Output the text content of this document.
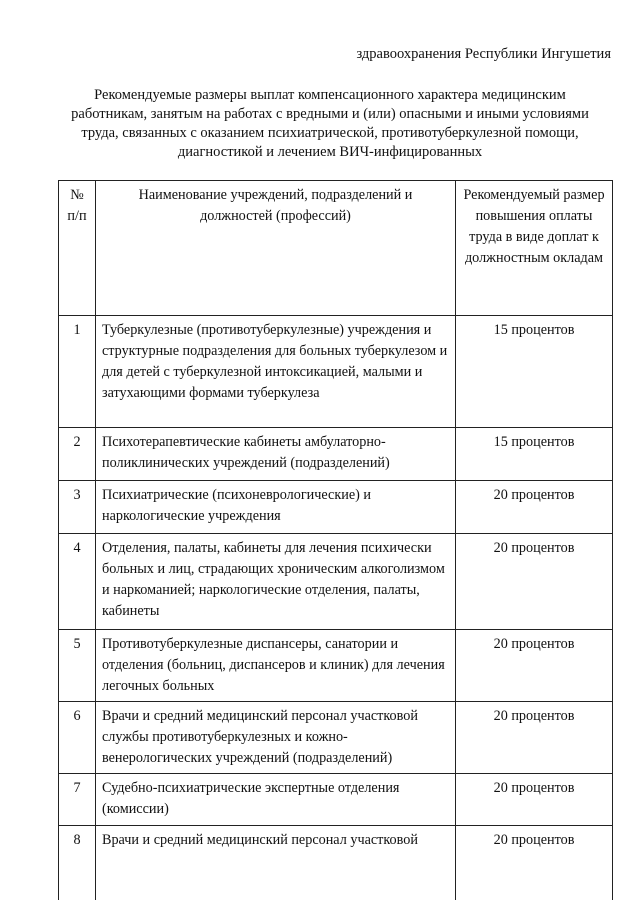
здравоохранения Республики Ингушетия
Рекомендуемые размеры выплат компенсационного характера медицинским работникам, занятым на работах с вредными и (или) опасными и иными условиями труда, связанных с оказанием психиатрической, противотуберкулезной помощи, диагностикой и лечением ВИЧ-инфицированных
№ п/п	Наименование учреждений, подразделений и должностей (профессий)	Рекомендуемый размер повышения оплаты труда в виде доплат к должностным окладам
1	Туберкулезные (противотуберкулезные) учреждения и структурные подразделения для больных туберкулезом и для детей с туберкулезной интоксикацией, малыми и затухающими формами туберкулеза	15 процентов
2	Психотерапевтические кабинеты амбулаторно-поликлинических учреждений (подразделений)	15 процентов
3	Психиатрические (психоневрологические) и наркологические учреждения	20 процентов
4	Отделения, палаты, кабинеты для лечения психически больных и лиц, страдающих хроническим алкоголизмом и наркоманией; наркологические отделения, палаты, кабинеты	20 процентов
5	Противотуберкулезные диспансеры, санатории и отделения (больниц, диспансеров и клиник) для лечения легочных больных	20 процентов
6	Врачи и средний медицинский персонал участковой службы противотуберкулезных и кожно-венерологических учреждений (подразделений)	20 процентов
7	Судебно-психиатрические экспертные отделения (комиссии)	20 процентов
8	Врачи и средний медицинский персонал участковой	20 процентов
